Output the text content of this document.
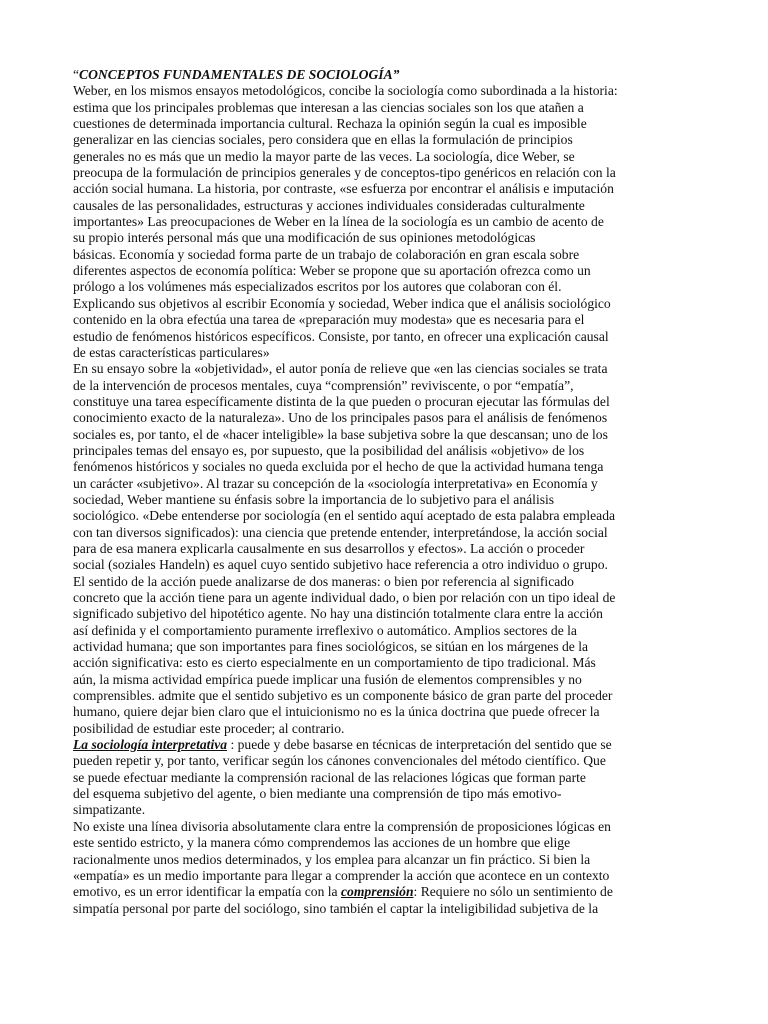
“CONCEPTOS FUNDAMENTALES DE SOCIOLOGÍA”

Weber, en los mismos ensayos metodológicos, concibe la sociología como subordinada a la historia:

estima que los principales problemas que interesan a las ciencias sociales son los que atañen a

cuestiones de determinada importancia cultural. Rechaza la opinión según la cual es imposible

generalizar en las ciencias sociales, pero considera que en ellas la formulación de principios

generales no es más que un medio la mayor parte de las veces. La sociología, dice Weber, se

preocupa de la formulación de principios generales y de conceptos-tipo genéricos en relación con la

acción social humana. La historia, por contraste, «se esfuerza por encontrar el análisis e imputación

causales de las personalidades, estructuras y acciones individuales consideradas culturalmente

importantes» Las preocupaciones de Weber en la línea de la sociología es un cambio de acento de

su propio interés personal más que una modificación de sus opiniones metodológicas

básicas. Economía y sociedad forma parte de un trabajo de colaboración en gran escala sobre

diferentes aspectos de economía política: Weber se propone que su aportación ofrezca como un

prólogo a los volúmenes más especializados escritos por los autores que colaboran con él.

Explicando sus objetivos al escribir Economía y sociedad, Weber indica que el análisis sociológico

contenido en la obra efectúa una tarea de «preparación muy modesta» que es necesaria para el

estudio de fenómenos históricos específicos. Consiste, por tanto, en ofrecer una explicación causal

de estas características particulares»

En su ensayo sobre la «objetividad», el autor ponía de relieve que «en las ciencias sociales se trata

de la intervención de procesos mentales, cuya “comprensión” reviviscente, o por “empatía”,

constituye una tarea específicamente distinta de la que pueden o procuran ejecutar las fórmulas del

conocimiento exacto de la naturaleza». Uno de los principales pasos para el análisis de fenómenos

sociales es, por tanto, el de «hacer inteligible» la base subjetiva sobre la que descansan; uno de los

principales temas del ensayo es, por supuesto, que la posibilidad del análisis «objetivo» de los

fenómenos históricos y sociales no queda excluida por el hecho de que la actividad humana tenga

un carácter «subjetivo». Al trazar su concepción de la «sociología interpretativa» en Economía y

sociedad, Weber mantiene su énfasis sobre la importancia de lo subjetivo para el análisis

sociológico. «Debe entenderse por sociología (en el sentido aquí aceptado de esta palabra empleada

con tan diversos significados): una ciencia que pretende entender, interpretándose, la acción social

para de esa manera explicarla causalmente en sus desarrollos y efectos». La acción o proceder

social (soziales Handeln) es aquel cuyo sentido subjetivo hace referencia a otro individuo o grupo.

El sentido de la acción puede analizarse de dos maneras: o bien por referencia al significado

concreto que la acción tiene para un agente individual dado, o bien por relación con un tipo ideal de

significado subjetivo del hipotético agente. No hay una distinción totalmente clara entre la acción

así definida y el comportamiento puramente irreflexivo o automático. Amplios sectores de la

actividad humana; que son importantes para fines sociológicos, se sitúan en los márgenes de la

acción significativa: esto es cierto especialmente en un comportamiento de tipo tradicional. Más

aún, la misma actividad empírica puede implicar una fusión de elementos comprensibles y no

comprensibles. admite que el sentido subjetivo es un componente básico de gran parte del proceder

humano, quiere dejar bien claro que el intuicionismo no es la única doctrina que puede ofrecer la

posibilidad de estudiar este proceder; al contrario.

La sociología interpretativa : puede y debe basarse en técnicas de interpretación del sentido que se

pueden repetir y, por tanto, verificar según los cánones convencionales del método científico. Que

se puede efectuar mediante la comprensión racional de las relaciones lógicas que forman parte

del esquema subjetivo del agente, o bien mediante una comprensión de tipo más emotivo-

simpatizante.

No existe una línea divisoria absolutamente clara entre la comprensión de proposiciones lógicas en

este sentido estricto, y la manera cómo comprendemos las acciones de un hombre que elige

racionalmente unos medios determinados, y los emplea para alcanzar un fin práctico. Si bien la

«empatía» es un medio importante para llegar a comprender la acción que acontece en un contexto

emotivo, es un error identificar la empatía con la comprensión: Requiere no sólo un sentimiento de

simpatía personal por parte del sociólogo, sino también el captar la inteligibilidad subjetiva de la
